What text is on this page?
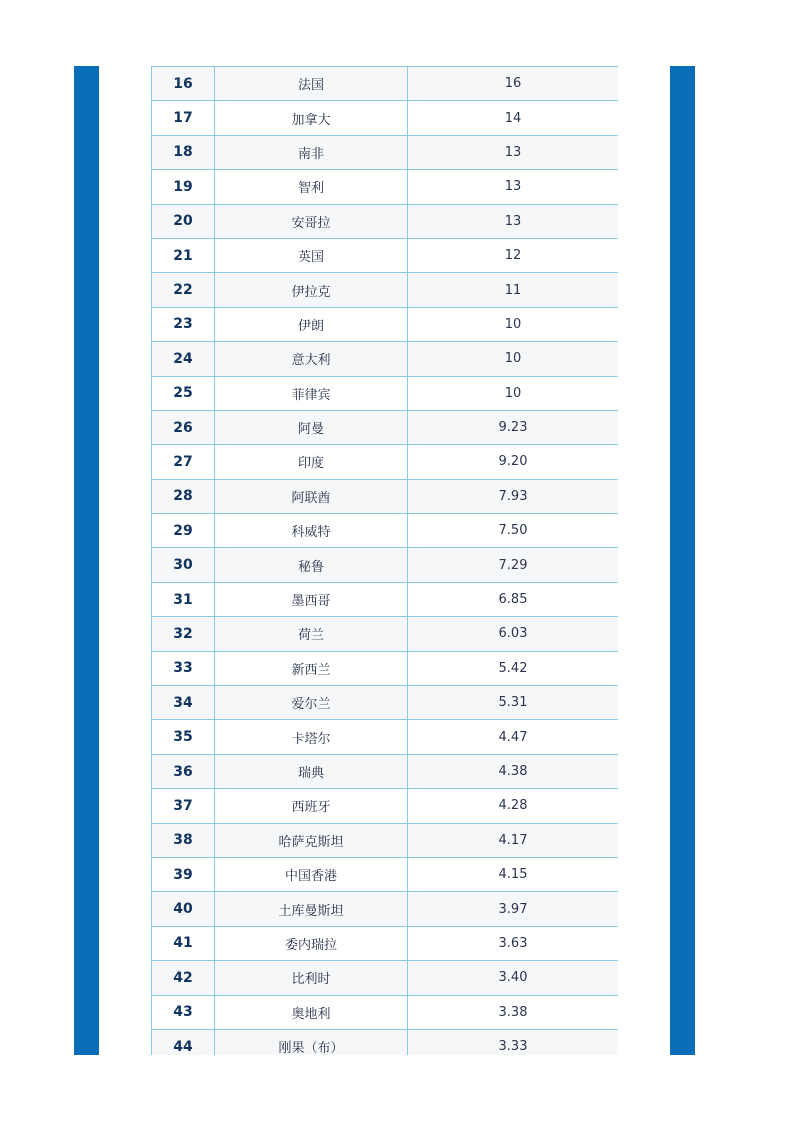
16	法国	16
17	加拿大	14
18	南非	13
19	智利	13
20	安哥拉	13
21	英国	12
22	伊拉克	11
23	伊朗	10
24	意大利	10
25	菲律宾	10
26	阿曼	9.23
27	印度	9.20
28	阿联酋	7.93
29	科威特	7.50
30	秘鲁	7.29
31	墨西哥	6.85
32	荷兰	6.03
33	新西兰	5.42
34	爱尔兰	5.31
35	卡塔尔	4.47
36	瑞典	4.38
37	西班牙	4.28
38	哈萨克斯坦	4.17
39	中国香港	4.15
40	土库曼斯坦	3.97
41	委内瑞拉	3.63
42	比利时	3.40
43	奥地利	3.38
44	刚果（布）	3.33
